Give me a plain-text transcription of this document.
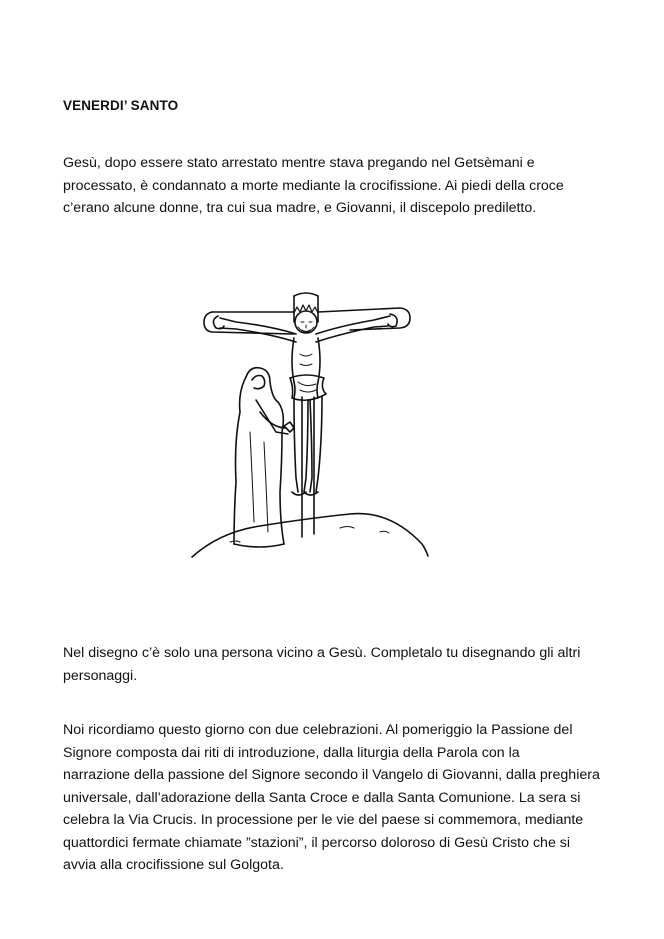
VENERDI’ SANTO

Gesù, dopo essere stato arrestato mentre stava pregando nel Getsèmani e
processato, è condannato a morte mediante la crocifissione. Ai piedi della croce
c’erano alcune donne, tra cui sua madre, e Giovanni, il discepolo prediletto.

Nel disegno c’è solo una persona vicino a Gesù. Completalo tu disegnando gli altri
personaggi.

Noi ricordiamo questo giorno con due celebrazioni. Al pomeriggio la Passione del
Signore composta dai riti di introduzione, dalla liturgia della Parola con la
narrazione della passione del Signore secondo il Vangelo di Giovanni, dalla preghiera
universale, dall’adorazione della Santa Croce e dalla Santa Comunione. La sera si
celebra la Via Crucis. In processione per le vie del paese si commemora, mediante
quattordici fermate chiamate ”stazioni”, il percorso doloroso di Gesù Cristo che si
avvia alla crocifissione sul Golgota.
